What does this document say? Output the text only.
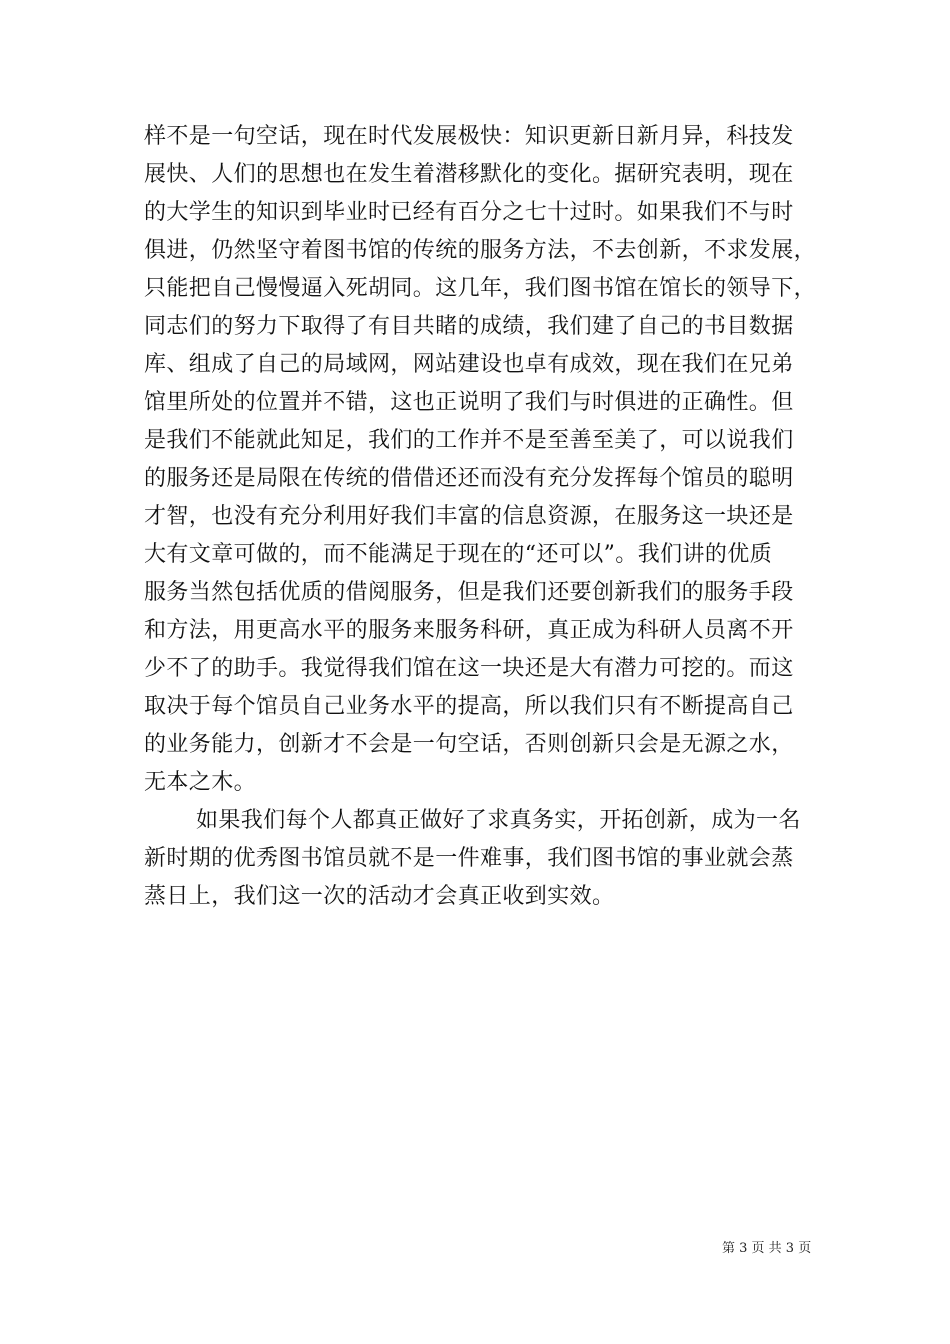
样不是一句空话，现在时代发展极快：知识更新日新月异，科技发
展快、人们的思想也在发生着潜移默化的变化。据研究表明，现在
的大学生的知识到毕业时已经有百分之七十过时。如果我们不与时
俱进，仍然坚守着图书馆的传统的服务方法，不去创新，不求发展，
只能把自己慢慢逼入死胡同。这几年，我们图书馆在馆长的领导下，
同志们的努力下取得了有目共睹的成绩，我们建了自己的书目数据
库、组成了自己的局域网，网站建设也卓有成效，现在我们在兄弟
馆里所处的位置并不错，这也正说明了我们与时俱进的正确性。但
是我们不能就此知足，我们的工作并不是至善至美了，可以说我们
的服务还是局限在传统的借借还还而没有充分发挥每个馆员的聪明
才智，也没有充分利用好我们丰富的信息资源，在服务这一块还是
大有文章可做的，而不能满足于现在的“还可以”。我们讲的优质
服务当然包括优质的借阅服务，但是我们还要创新我们的服务手段
和方法，用更高水平的服务来服务科研，真正成为科研人员离不开
少不了的助手。我觉得我们馆在这一块还是大有潜力可挖的。而这
取决于每个馆员自己业务水平的提高，所以我们只有不断提高自己
的业务能力，创新才不会是一句空话，否则创新只会是无源之水，
无本之木。
如果我们每个人都真正做好了求真务实，开拓创新，成为一名
新时期的优秀图书馆员就不是一件难事，我们图书馆的事业就会蒸
蒸日上，我们这一次的活动才会真正收到实效。
第 3 页 共 3 页
